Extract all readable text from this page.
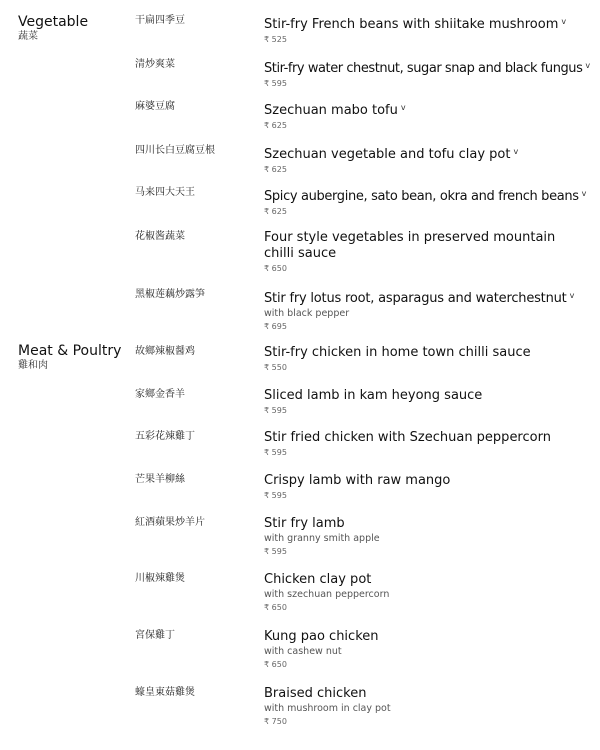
Vegetable
蔬菜
Meat & Poultry
雞和肉
干扁四季豆	Stir-fry French beans with shiitake mushroom $^v$
₹ 525
清炒爽菜	Stir-fry water chestnut, sugar snap and black fungus $^v$
₹ 595
麻婆豆腐	Szechuan mabo tofu $^v$
₹ 625
四川长白豆腐豆根	Szechuan vegetable and tofu clay pot $^v$
₹ 625
马来四大天王	Spicy aubergine, sato bean, okra and french beans $^v$
₹ 625
花椒酱蔬菜	Four style vegetables in preserved mountain chilli sauce
₹ 650
黑椒莲藕炒露笋	Stir fry lotus root, asparagus and waterchestnut $^v$
with black pepper
₹ 695
故鄉辣椒醤鸡	Stir-fry chicken in home town chilli sauce
₹ 550
家鄉金香羊	Sliced lamb in kam heyong sauce
₹ 595
五彩花辣雞丁	Stir fried chicken with Szechuan peppercorn
₹ 595
芒果羊柳絲	Crispy lamb with raw mango
₹ 595
紅酒蘋果炒羊片	Stir fry lamb
with granny smith apple
₹ 595
川椒辣雞煲	Chicken clay pot
with szechuan peppercorn
₹ 650
宮保雞丁	Kung pao chicken
with cashew nut
₹ 650
蠔皇東菇雞煲	Braised chicken
with mushroom in clay pot
₹ 750
